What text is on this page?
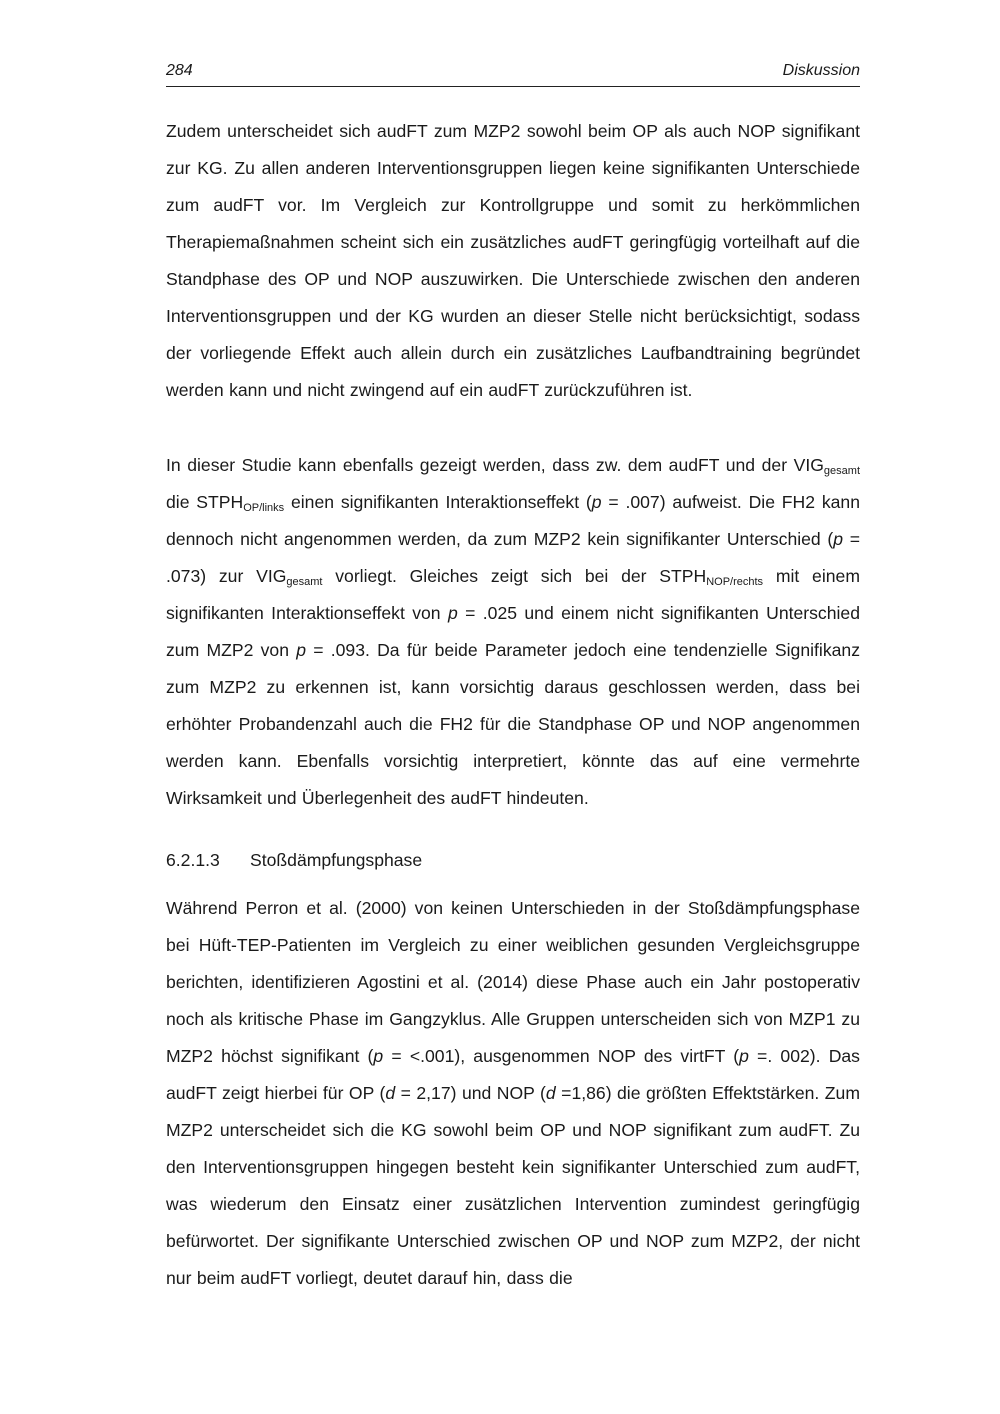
284	Diskussion

Zudem unterscheidet sich audFT zum MZP2 sowohl beim OP als auch NOP signifikant zur KG. Zu allen anderen Interventionsgruppen liegen keine signifikanten Unterschiede zum audFT vor. Im Vergleich zur Kontrollgruppe und somit zu herkömmlichen Therapiemaßnahmen scheint sich ein zusätzliches audFT geringfügig vorteilhaft auf die Standphase des OP und NOP auszuwirken. Die Unterschiede zwischen den anderen Interventionsgruppen und der KG wurden an dieser Stelle nicht berücksichtigt, sodass der vorliegende Effekt auch allein durch ein zusätzliches Laufbandtraining begründet werden kann und nicht zwingend auf ein audFT zurückzuführen ist.

In dieser Studie kann ebenfalls gezeigt werden, dass zw. dem audFT und der $VIG_{gesamt}$ die $STPH_{OP/links}$ einen signifikanten Interaktionseffekt (p = .007) aufweist. Die FH2 kann dennoch nicht angenommen werden, da zum MZP2 kein signifikanter Unterschied (p = .073) zur $VIG_{gesamt}$ vorliegt. Gleiches zeigt sich bei der $STPH_{NOP/rechts}$ mit einem signifikanten Interaktionseffekt von p = .025 und einem nicht signifikanten Unterschied zum MZP2 von p = .093. Da für beide Parameter jedoch eine tendenzielle Signifikanz zum MZP2 zu erkennen ist, kann vorsichtig daraus geschlossen werden, dass bei erhöhter Probandenzahl auch die FH2 für die Standphase OP und NOP angenommen werden kann. Ebenfalls vorsichtig interpretiert, könnte das auf eine vermehrte Wirksamkeit und Überlegenheit des audFT hindeuten.

6.2.1.3 Stoßdämpfungsphase

Während Perron et al. (2000) von keinen Unterschieden in der Stoßdämpfungsphase bei Hüft-TEP-Patienten im Vergleich zu einer weiblichen gesunden Vergleichsgruppe berichten, identifizieren Agostini et al. (2014) diese Phase auch ein Jahr postoperativ noch als kritische Phase im Gangzyklus. Alle Gruppen unterscheiden sich von MZP1 zu MZP2 höchst signifikant (p = <.001), ausgenommen NOP des virtFT (p =. 002). Das audFT zeigt hierbei für OP (d = 2,17) und NOP (d =1,86) die größten Effektstärken. Zum MZP2 unterscheidet sich die KG sowohl beim OP und NOP signifikant zum audFT. Zu den Interventionsgruppen hingegen besteht kein signifikanter Unterschied zum audFT, was wiederum den Einsatz einer zusätzlichen Intervention zumindest geringfügig befürwortet. Der signifikante Unterschied zwischen OP und NOP zum MZP2, der nicht nur beim audFT vorliegt, deutet darauf hin, dass die
